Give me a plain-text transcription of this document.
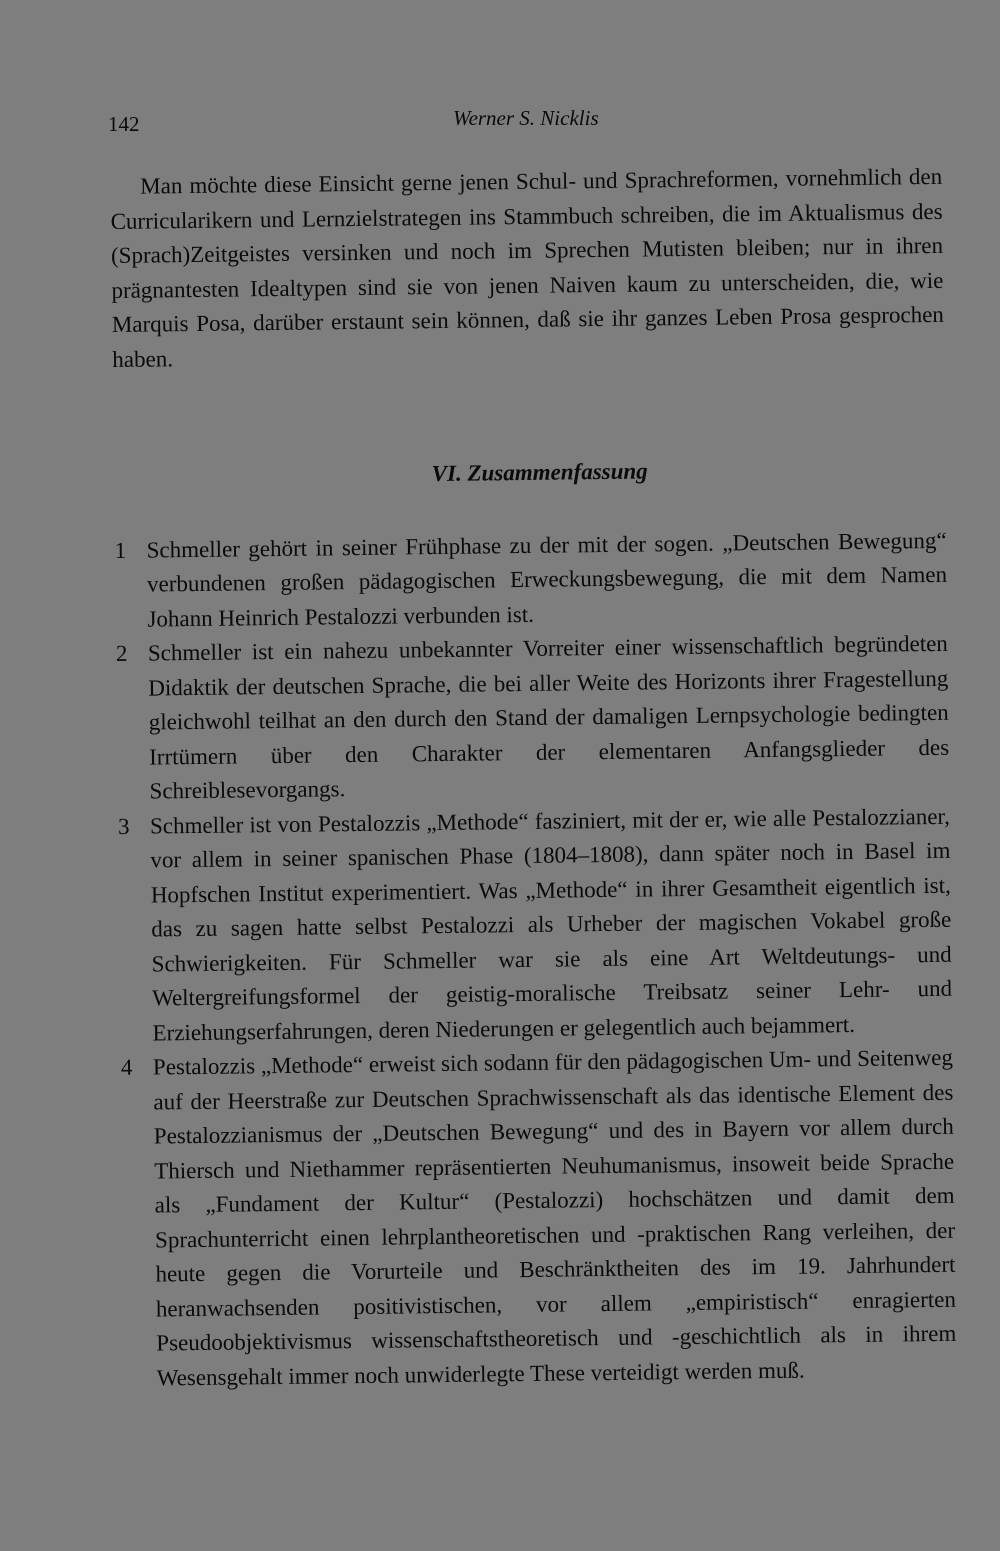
142	Werner S. Nicklis

Man möchte diese Einsicht gerne jenen Schul- und Sprachreformen, vornehmlich den Curricularikern und Lernzielstrategen ins Stammbuch schreiben, die im Aktualismus des (Sprach)Zeitgeistes versinken und noch im Sprechen Mutisten bleiben; nur in ihren prägnantesten Idealtypen sind sie von jenen Naiven kaum zu unterscheiden, die, wie Marquis Posa, darüber erstaunt sein können, daß sie ihr ganzes Leben Prosa gesprochen haben.

VI. Zusammenfassung
1 Schmeller gehört in seiner Frühphase zu der mit der sogen. „Deutschen Bewegung“ verbundenen großen pädagogischen Erweckungsbewegung, die mit dem Namen Johann Heinrich Pestalozzi verbunden ist.
2 Schmeller ist ein nahezu unbekannter Vorreiter einer wissenschaftlich begründeten Didaktik der deutschen Sprache, die bei aller Weite des Horizonts ihrer Fragestellung gleichwohl teilhat an den durch den Stand der damaligen Lernpsychologie bedingten Irrtümern über den Charakter der elementaren Anfangsglieder des Schreiblesevorgangs.
3 Schmeller ist von Pestalozzis „Methode“ fasziniert, mit der er, wie alle Pestalozzianer, vor allem in seiner spanischen Phase (1804–1808), dann später noch in Basel im Hopfschen Institut experimentiert. Was „Methode“ in ihrer Gesamtheit eigentlich ist, das zu sagen hatte selbst Pestalozzi als Urheber der magischen Vokabel große Schwierigkeiten. Für Schmeller war sie als eine Art Weltdeutungs- und Weltergreifungsformel der geistig-moralische Treibsatz seiner Lehr- und Erziehungserfahrungen, deren Niederungen er gelegentlich auch bejammert.
4 Pestalozzis „Methode“ erweist sich sodann für den pädagogischen Um- und Seitenweg auf der Heerstraße zur Deutschen Sprachwissenschaft als das identische Element des Pestalozzianismus der „Deutschen Bewegung“ und des in Bayern vor allem durch Thiersch und Niethammer repräsentierten Neuhumanismus, insoweit beide Sprache als „Fundament der Kultur“ (Pestalozzi) hochschätzen und damit dem Sprachunterricht einen lehrplantheoretischen und -praktischen Rang verleihen, der heute gegen die Vorurteile und Beschränktheiten des im 19. Jahrhundert heranwachsenden positivistischen, vor allem „empiristisch“ enragierten Pseudoobjektivismus wissenschaftstheoretisch und -geschichtlich als in ihrem Wesensgehalt immer noch unwiderlegte These verteidigt werden muß.
